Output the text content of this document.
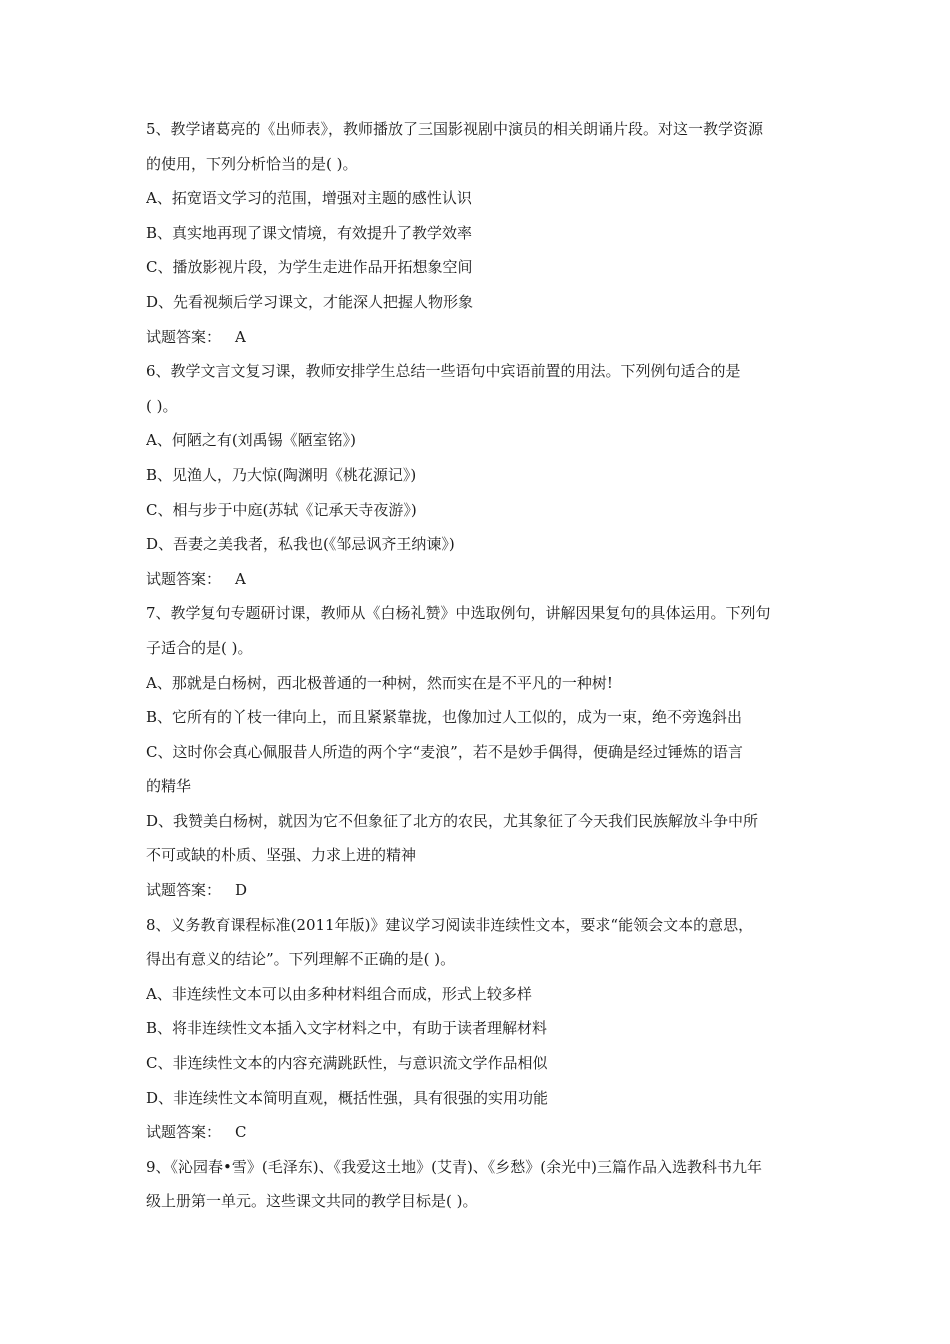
5、教学诸葛亮的《出师表》，教师播放了三国影视剧中演员的相关朗诵片段。对这一教学资源
的使用，下列分析恰当的是( )。
A、拓宽语文学习的范围，增强对主题的感性认识
B、真实地再现了课文情境，有效提升了教学效率
C、播放影视片段，为学生走进作品开拓想象空间
D、先看视频后学习课文，才能深人把握人物形象
试题答案： A
6、教学文言文复习课，教师安排学生总结一些语句中宾语前置的用法。下列例句适合的是
( )。
A、何陋之有(刘禹锡《陋室铭》)
B、见渔人，乃大惊(陶渊明《桃花源记》)
C、相与步于中庭(苏轼《记承天寺夜游》)
D、吾妻之美我者，私我也(《邹忌讽齐王纳谏》)
试题答案： A
7、教学复句专题研讨课，教师从《白杨礼赞》中选取例句，讲解因果复句的具体运用。下列句
子适合的是( )。
A、那就是白杨树，西北极普通的一种树，然而实在是不平凡的一种树!
B、它所有的丫枝一律向上，而且紧紧靠拢，也像加过人工似的，成为一束，绝不旁逸斜出
C、这时你会真心佩服昔人所造的两个字“麦浪”，若不是妙手偶得，便确是经过锤炼的语言
的精华
D、我赞美白杨树，就因为它不但象征了北方的农民，尤其象征了今天我们民族解放斗争中所
不可或缺的朴质、坚强、力求上进的精神
试题答案： D
8、义务教育课程标准(2011年版)》建议学习阅读非连续性文本，要求“能领会文本的意思，
得出有意义的结论”。下列理解不正确的是( )。
A、非连续性文本可以由多种材料组合而成，形式上较多样
B、将非连续性文本插入文字材料之中，有助于读者理解材料
C、非连续性文本的内容充满跳跃性，与意识流文学作品相似
D、非连续性文本简明直观，概括性强，具有很强的实用功能
试题答案： C
9、《沁园春•雪》(毛泽东)、《我爱这土地》(艾青)、《乡愁》(余光中)三篇作品入选教科书九年
级上册第一单元。这些课文共同的教学目标是( )。
